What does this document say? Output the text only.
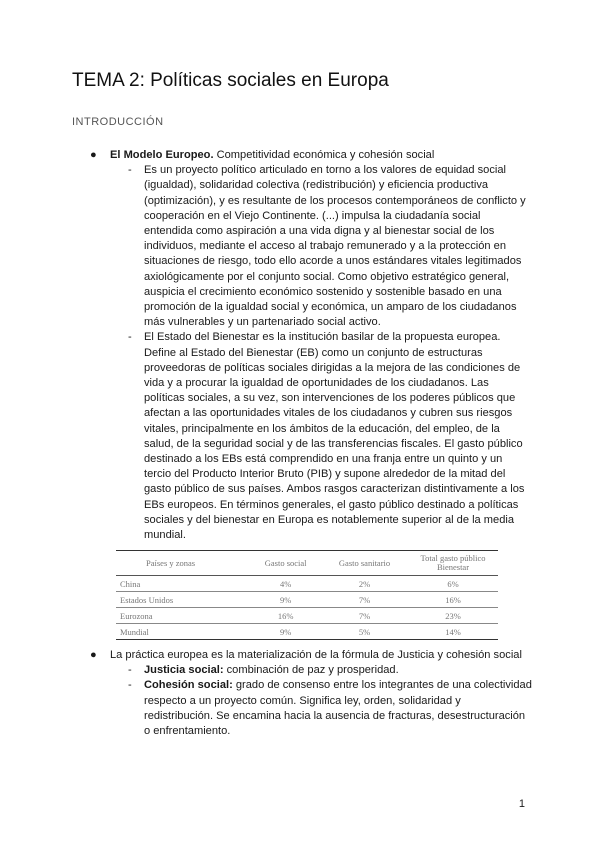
TEMA 2: Políticas sociales en Europa
INTRODUCCIÓN
● El Modelo Europeo. Competitividad económica y cohesión social

- Es un proyecto político articulado en torno a los valores de equidad social (igualdad), solidaridad colectiva (redistribución) y eficiencia productiva (optimización), y es resultante de los procesos contemporáneos de conflicto y cooperación en el Viejo Continente. (...) impulsa la ciudadanía social entendida como aspiración a una vida digna y al bienestar social de los individuos, mediante el acceso al trabajo remunerado y a la protección en situaciones de riesgo, todo ello acorde a unos estándares vitales legitimados axiológicamente por el conjunto social. Como objetivo estratégico general, auspicia el crecimiento económico sostenido y sostenible basado en una promoción de la igualdad social y económica, un amparo de los ciudadanos más vulnerables y un partenariado social activo.

- El Estado del Bienestar es la institución basilar de la propuesta europea. Define al Estado del Bienestar (EB) como un conjunto de estructuras proveedoras de políticas sociales dirigidas a la mejora de las condiciones de vida y a procurar la igualdad de oportunidades de los ciudadanos. Las políticas sociales, a su vez, son intervenciones de los poderes públicos que afectan a las oportunidades vitales de los ciudadanos y cubren sus riesgos vitales, principalmente en los ámbitos de la educación, del empleo, de la salud, de la seguridad social y de las transferencias fiscales. El gasto público destinado a los EBs está comprendido en una franja entre un quinto y un tercio del Producto Interior Bruto (PIB) y supone alrededor de la mitad del gasto público de sus países. Ambos rasgos caracterizan distintivamente a los EBs europeos. En términos generales, el gasto público destinado a políticas sociales y del bienestar en Europa es notablemente superior al de la media mundial.

Países y zonas	Gasto social	Gasto sanitario	Total gasto público Bienestar
China	4%	2%	6%
Estados Unidos	9%	7%	16%
Eurozona	16%	7%	23%
Mundial	9%	5%	14%
● La práctica europea es la materialización de la fórmula de Justicia y cohesión social

- Justicia social: combinación de paz y prosperidad.

- Cohesión social: grado de consenso entre los integrantes de una colectividad respecto a un proyecto común. Significa ley, orden, solidaridad y redistribución. Se encamina hacia la ausencia de fracturas, desestructuración o enfrentamiento.

1
